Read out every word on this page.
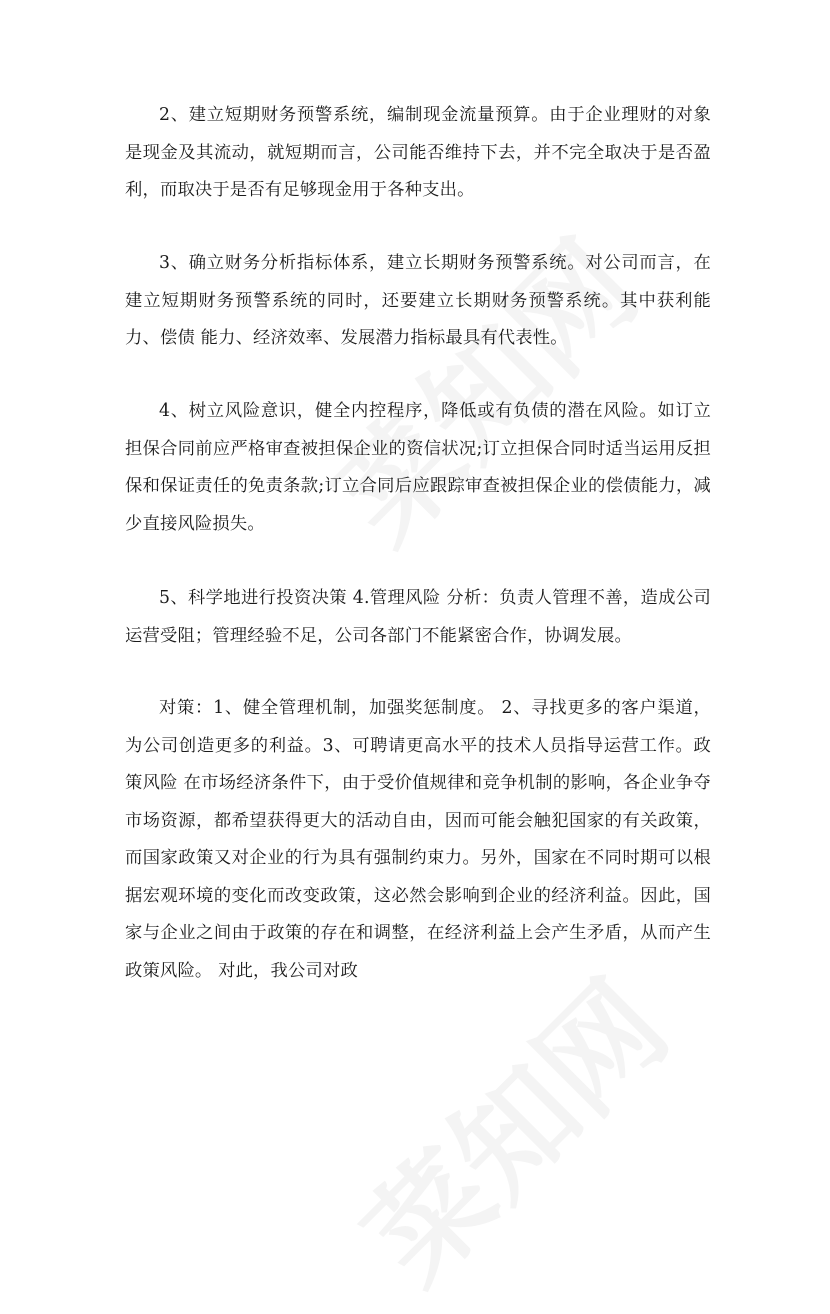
2、建立短期财务预警系统，编制现金流量预算。由于企业理财的对象是现金及其流动，就短期而言，公司能否维持下去，并不完全取决于是否盈利，而取决于是否有足够现金用于各种支出。

3、确立财务分析指标体系，建立长期财务预警系统。对公司而言，在建立短期财务预警系统的同时，还要建立长期财务预警系统。其中获利能力、偿债 能力、经济效率、发展潜力指标最具有代表性。

4、树立风险意识，健全内控程序，降低或有负债的潜在风险。如订立担保合同前应严格审查被担保企业的资信状况;订立担保合同时适当运用反担保和保证责任的免责条款;订立合同后应跟踪审查被担保企业的偿债能力，减少直接风险损失。

5、科学地进行投资决策 4.管理风险 分析：负责人管理不善，造成公司运营受阻；管理经验不足，公司各部门不能紧密合作，协调发展。

对策：1、健全管理机制，加强奖惩制度。 2、寻找更多的客户渠道，为公司创造更多的利益。3、可聘请更高水平的技术人员指导运营工作。政策风险 在市场经济条件下，由于受价值规律和竞争机制的影响，各企业争夺市场资源，都希望获得更大的活动自由，因而可能会触犯国家的有关政策，而国家政策又对企业的行为具有强制约束力。另外，国家在不同时期可以根据宏观环境的变化而改变政策，这必然会影响到企业的经济利益。因此，国家与企业之间由于政策的存在和调整，在经济利益上会产生矛盾，从而产生政策风险。 对此，我公司对政
